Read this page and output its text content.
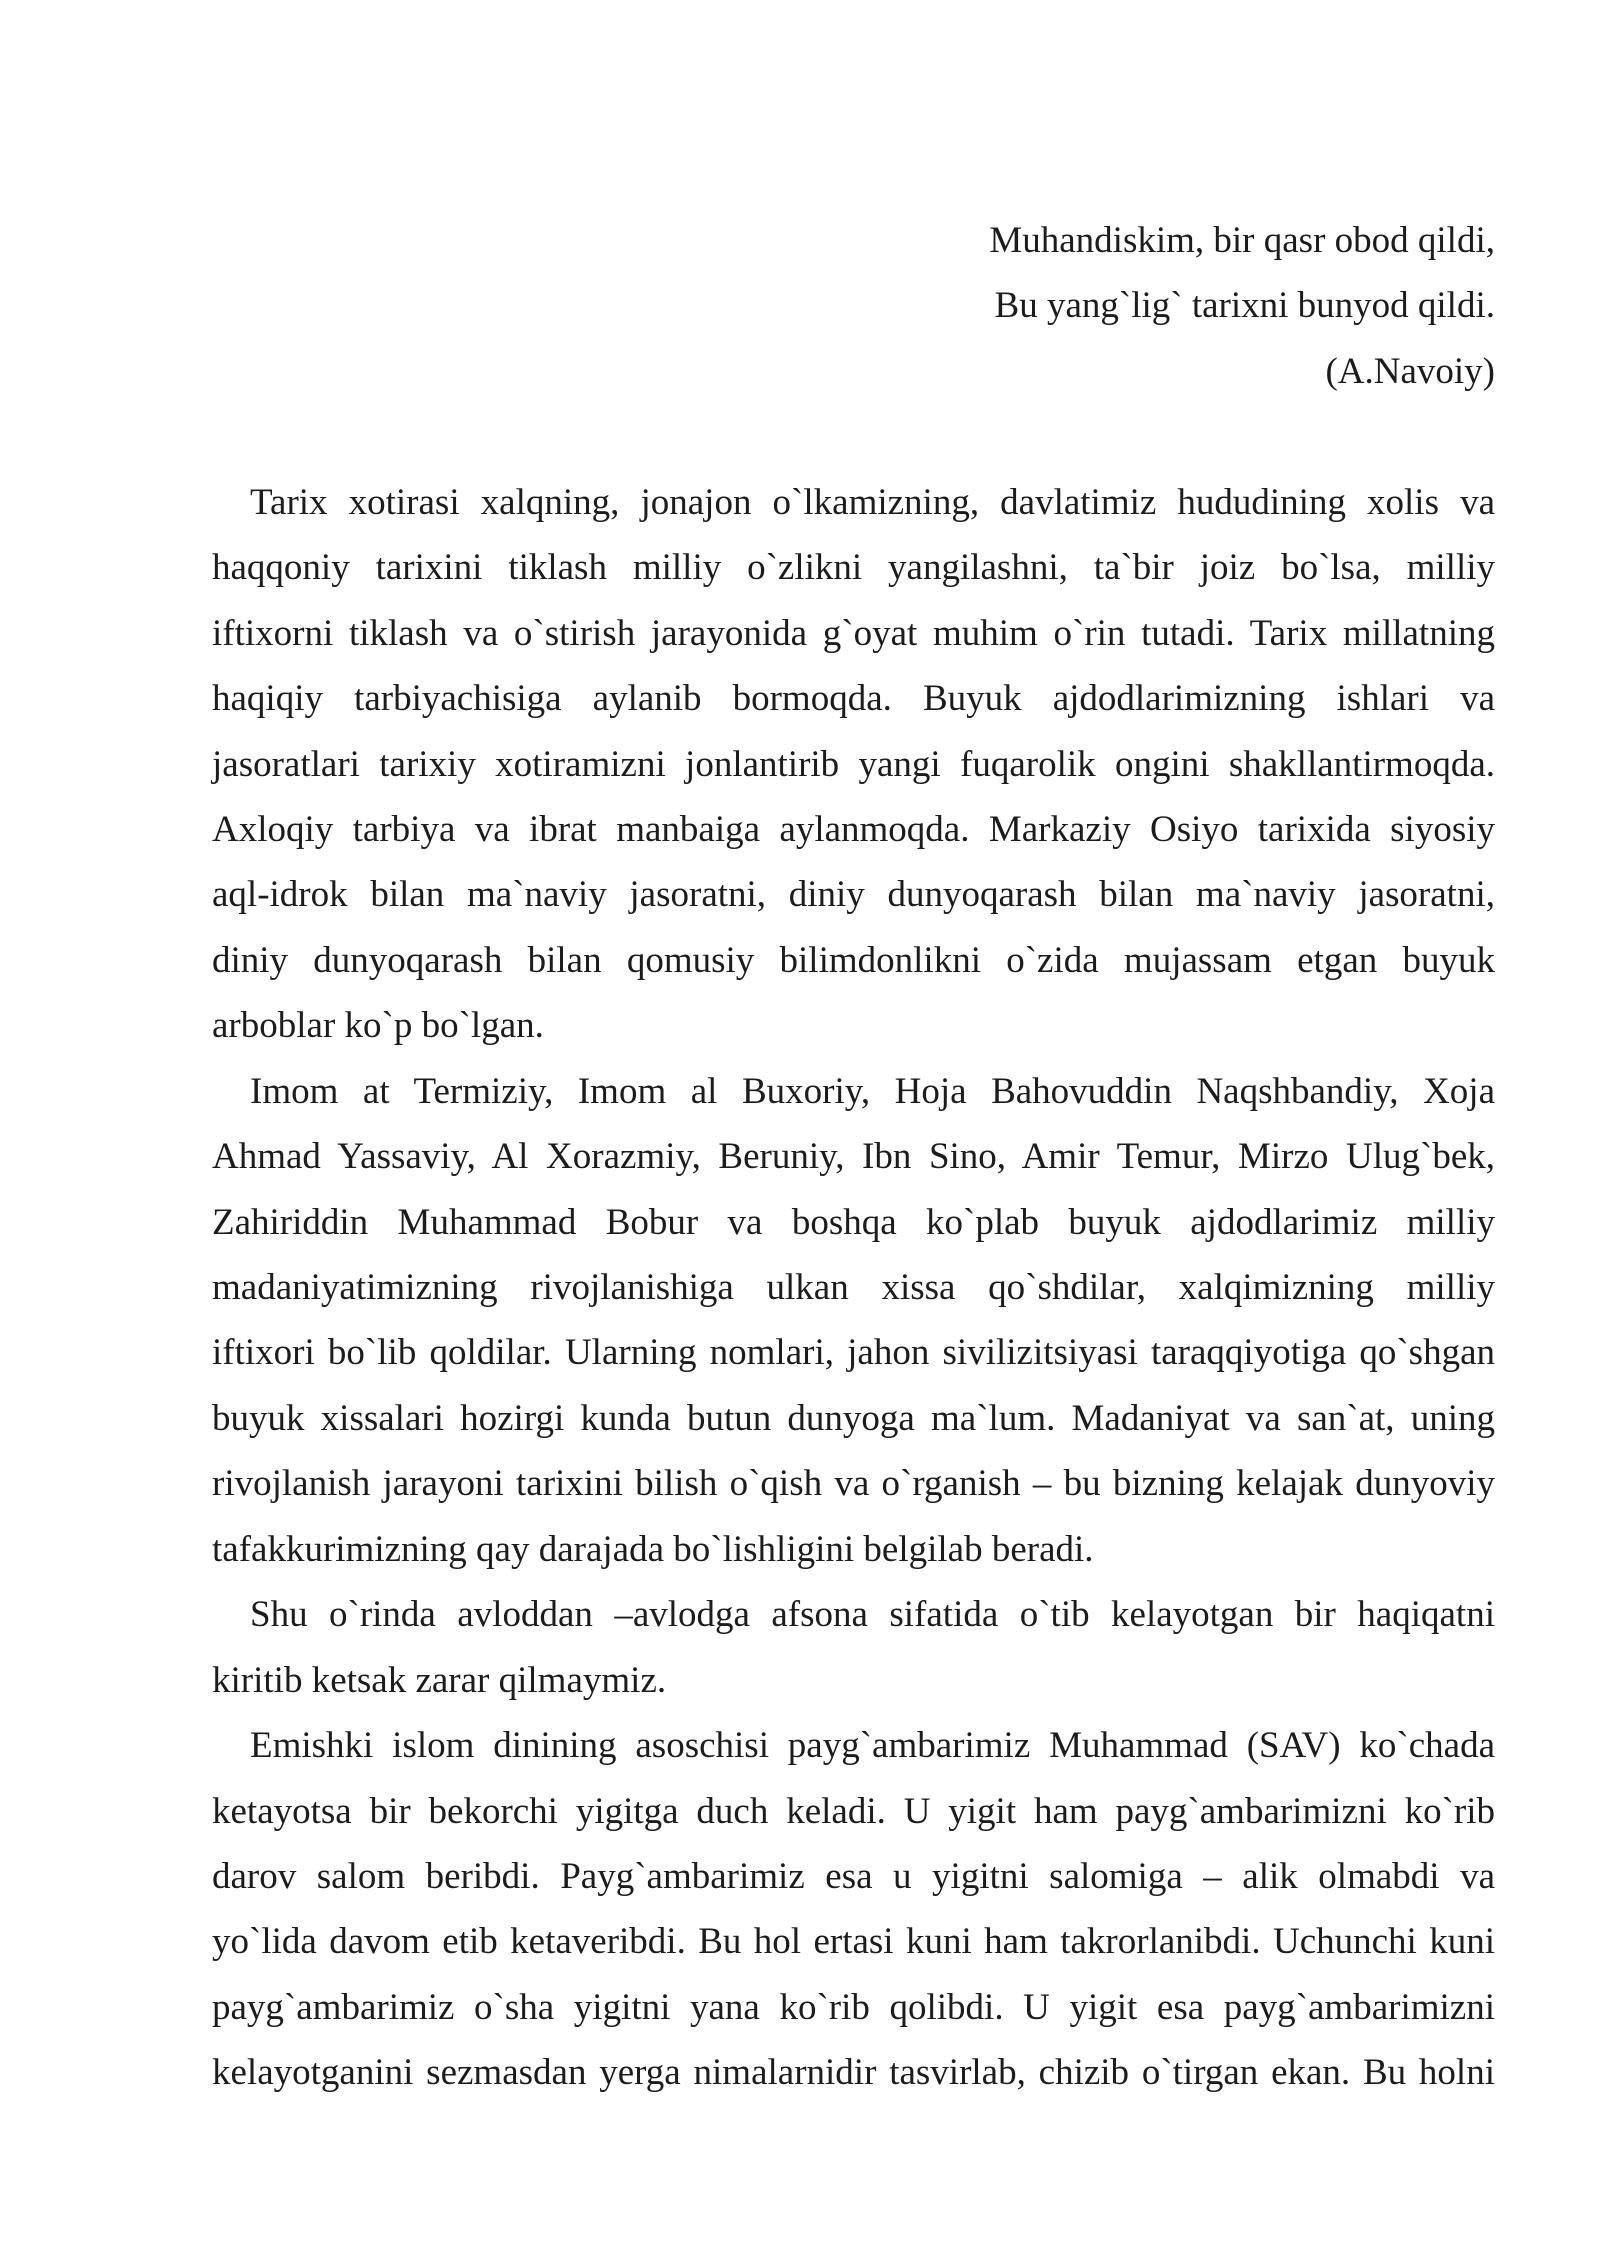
Muhandiskim, bir qasr obod qildi,
Bu yang`lig` tarixni bunyod qildi.
(A.Navoiy)
Tarix xotirasi xalqning, jonajon o`lkamizning, davlatimiz hududining xolis va
haqqoniy tarixini tiklash milliy o`zlikni yangilashni, ta`bir joiz bo`lsa, milliy
iftixorni tiklash va o`stirish jarayonida g`oyat muhim o`rin tutadi. Tarix millatning
haqiqiy tarbiyachisiga aylanib bormoqda. Buyuk ajdodlarimizning ishlari va
jasoratlari tarixiy xotiramizni jonlantirib yangi fuqarolik ongini shakllantirmoqda.
Axloqiy tarbiya va ibrat manbaiga aylanmoqda. Markaziy Osiyo tarixida siyosiy
aql-idrok bilan ma`naviy jasoratni, diniy dunyoqarash bilan ma`naviy jasoratni,
diniy dunyoqarash bilan qomusiy bilimdonlikni o`zida mujassam etgan buyuk
arboblar ko`p bo`lgan.
Imom at Termiziy, Imom al Buxoriy, Hoja Bahovuddin Naqshbandiy, Xoja
Ahmad Yassaviy, Al Xorazmiy, Beruniy, Ibn Sino, Amir Temur, Mirzo Ulug`bek,
Zahiriddin Muhammad Bobur va boshqa ko`plab buyuk ajdodlarimiz milliy
madaniyatimizning rivojlanishiga ulkan xissa qo`shdilar, xalqimizning milliy
iftixori bo`lib qoldilar. Ularning nomlari, jahon sivilizitsiyasi taraqqiyotiga qo`shgan
buyuk xissalari hozirgi kunda butun dunyoga ma`lum. Madaniyat va san`at, uning
rivojlanish jarayoni tarixini bilish o`qish va o`rganish – bu bizning kelajak dunyoviy
tafakkurimizning qay darajada bo`lishligini belgilab beradi.
Shu o`rinda avloddan –avlodga afsona sifatida o`tib kelayotgan bir haqiqatni
kiritib ketsak zarar qilmaymiz.
Emishki islom dinining asoschisi payg`ambarimiz Muhammad (SAV) ko`chada
ketayotsa bir bekorchi yigitga duch keladi. U yigit ham payg`ambarimizni ko`rib
darov salom beribdi. Payg`ambarimiz esa u yigitni salomiga – alik olmabdi va
yo`lida davom etib ketaveribdi. Bu hol ertasi kuni ham takrorlanibdi. Uchunchi kuni
payg`ambarimiz o`sha yigitni yana ko`rib qolibdi. U yigit esa payg`ambarimizni
kelayotganini sezmasdan yerga nimalarnidir tasvirlab, chizib o`tirgan ekan. Bu holni
